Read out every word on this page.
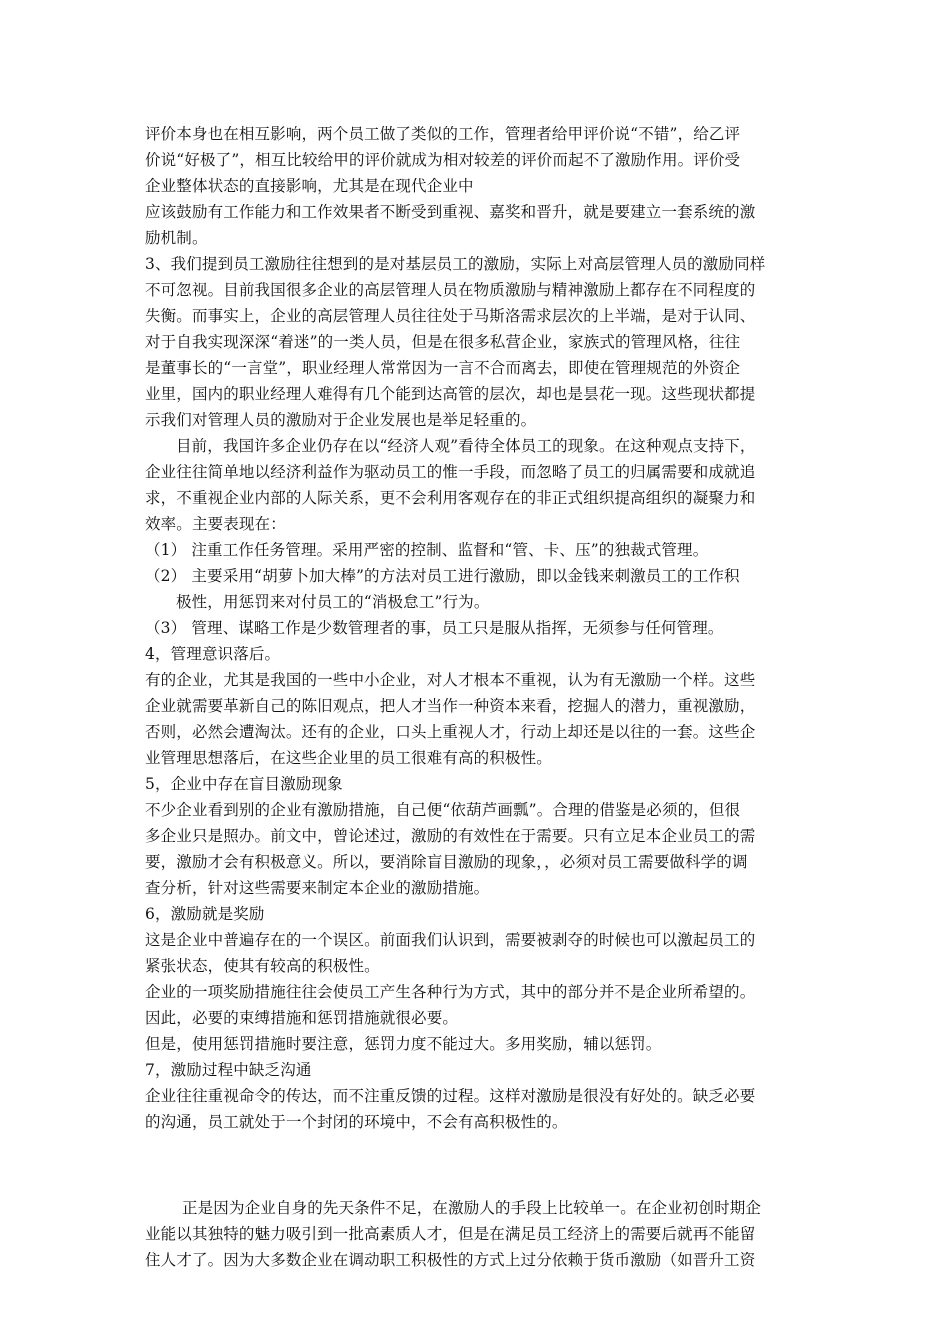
评价本身也在相互影响，两个员工做了类似的工作，管理者给甲评价说“不错”，给乙评
价说“好极了”，相互比较给甲的评价就成为相对较差的评价而起不了激励作用。评价受
企业整体状态的直接影响，尤其是在现代企业中
应该鼓励有工作能力和工作效果者不断受到重视、嘉奖和晋升，就是要建立一套系统的激
励机制。
3、我们提到员工激励往往想到的是对基层员工的激励，实际上对高层管理人员的激励同样
不可忽视。目前我国很多企业的高层管理人员在物质激励与精神激励上都存在不同程度的
失衡。而事实上，企业的高层管理人员往往处于马斯洛需求层次的上半端，是对于认同、
对于自我实现深深“着迷”的一类人员，但是在很多私营企业，家族式的管理风格，往往
是董事长的“一言堂”，职业经理人常常因为一言不合而离去，即使在管理规范的外资企
业里，国内的职业经理人难得有几个能到达高管的层次，却也是昙花一现。这些现状都提
示我们对管理人员的激励对于企业发展也是举足轻重的。
目前，我国许多企业仍存在以“经济人观”看待全体员工的现象。在这种观点支持下，
企业往往简单地以经济利益作为驱动员工的惟一手段，而忽略了员工的归属需要和成就追
求，不重视企业内部的人际关系，更不会利用客观存在的非正式组织提高组织的凝聚力和
效率。主要表现在：
（1） 注重工作任务管理。采用严密的控制、监督和“管、卡、压”的独裁式管理。
（2） 主要采用“胡萝卜加大棒”的方法对员工进行激励，即以金钱来刺激员工的工作积
极性，用惩罚来对付员工的“消极怠工”行为。
（3） 管理、谋略工作是少数管理者的事，员工只是服从指挥，无须参与任何管理。
4，管理意识落后。
有的企业，尤其是我国的一些中小企业，对人才根本不重视，认为有无激励一个样。这些
企业就需要革新自己的陈旧观点，把人才当作一种资本来看，挖掘人的潜力，重视激励，
否则，必然会遭淘汰。还有的企业，口头上重视人才，行动上却还是以往的一套。这些企
业管理思想落后，在这些企业里的员工很难有高的积极性。
5，企业中存在盲目激励现象
不少企业看到别的企业有激励措施，自己便“依葫芦画瓢”。合理的借鉴是必须的，但很
多企业只是照办。前文中，曾论述过，激励的有效性在于需要。只有立足本企业员工的需
要，激励才会有积极意义。所以，要消除盲目激励的现象，，必须对员工需要做科学的调
查分析，针对这些需要来制定本企业的激励措施。
6，激励就是奖励
这是企业中普遍存在的一个误区。前面我们认识到，需要被剥夺的时候也可以激起员工的
紧张状态，使其有较高的积极性。
企业的一项奖励措施往往会使员工产生各种行为方式，其中的部分并不是企业所希望的。
因此，必要的束缚措施和惩罚措施就很必要。
但是，使用惩罚措施时要注意，惩罚力度不能过大。多用奖励，辅以惩罚。
7，激励过程中缺乏沟通
企业往往重视命令的传达，而不注重反馈的过程。这样对激励是很没有好处的。缺乏必要
的沟通，员工就处于一个封闭的环境中，不会有高积极性的。
正是因为企业自身的先天条件不足，在激励人的手段上比较单一。在企业初创时期企
业能以其独特的魅力吸引到一批高素质人才，但是在满足员工经济上的需要后就再不能留
住人才了。因为大多数企业在调动职工积极性的方式上过分依赖于货币激励（如晋升工资
